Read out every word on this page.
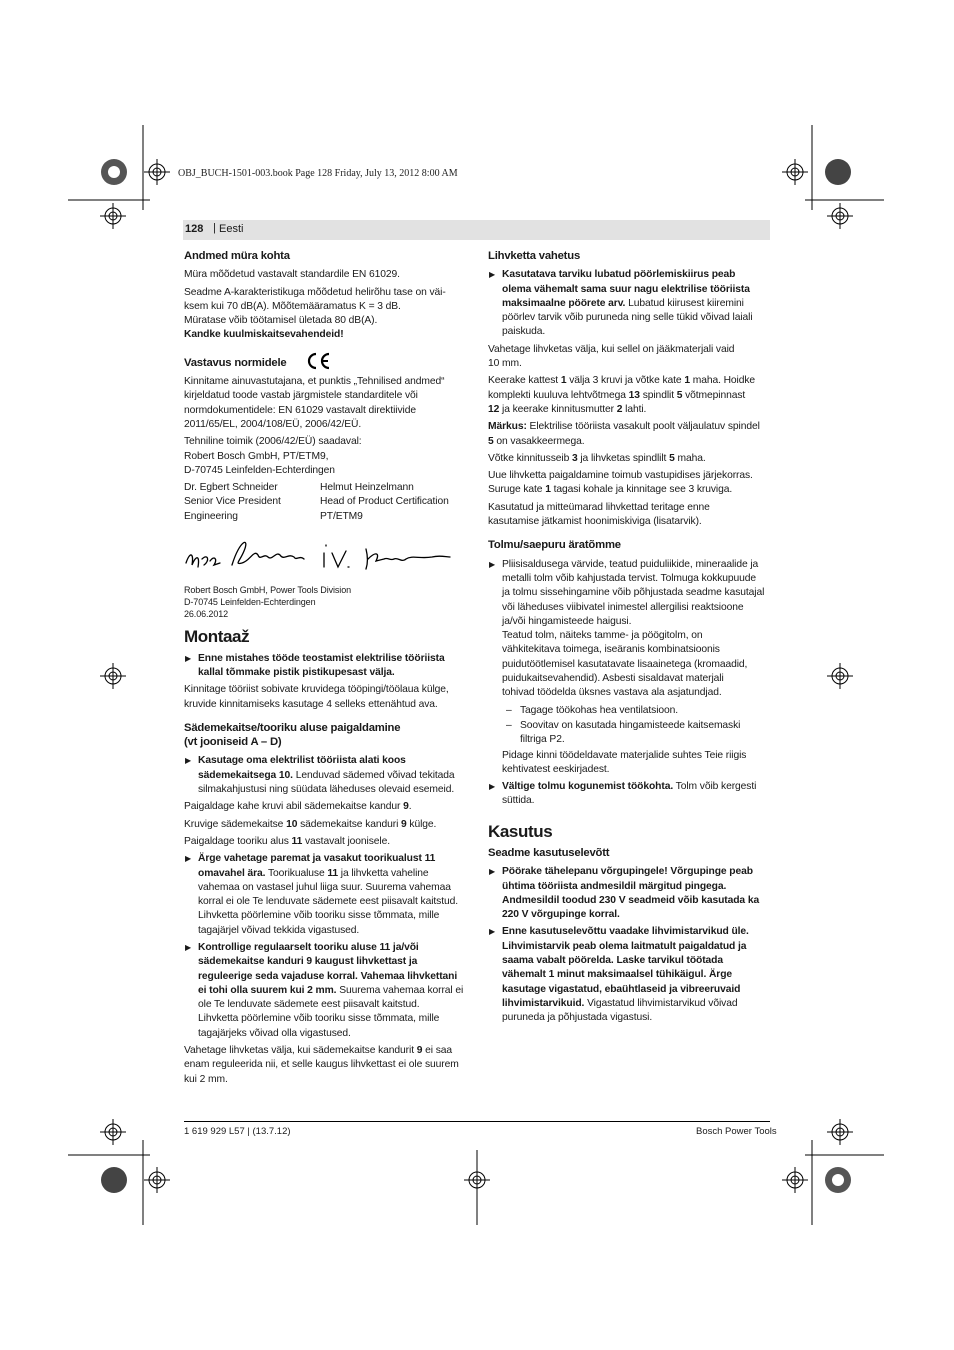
OBJ_BUCH-1501-003.book Page 128 Friday, July 13, 2012 8:00 AM
128 | Eesti
Andmed müra kohta

Müra mõõdetud vastavalt standardile EN 61029.

Seadme A-karakteristikuga mõõdetud helirõhu tase on väi-
ksem kui 70 dB(A). Mõõtemääramatus K = 3 dB.
Müratase võib töötamisel ületada 80 dB(A).
Kandke kuulmiskaitsevahendeid!

Vastavus normidele

Kinnitame ainuvastutajana, et punktis „Tehnilised andmed“
kirjeldatud toode vastab järgmistele standarditele või
normdokumentidele: EN 61029 vastavalt direktiivide
2011/65/EL, 2004/108/EÜ, 2006/42/EÜ.

Tehniline toimik (2006/42/EÜ) saadaval:
Robert Bosch GmbH, PT/ETM9,
D-70745 Leinfelden-Echterdingen

Dr. Egbert Schneider	Helmut Heinzelmann
Senior Vice President	Head of Product Certification
Engineering	PT/ETM9

Robert Bosch GmbH, Power Tools Division
D-70745 Leinfelden-Echterdingen
26.06.2012

Montaaž

▶ Enne mistahes tööde teostamist elektrilise tööriista
kallal tõmmake pistik pistikupesast välja.

Kinnitage tööriist sobivate kruvidega tööpingi/töölaua külge,
kruvide kinnitamiseks kasutage 4 selleks ettenähtud ava.

Sädemekaitse/tooriku aluse paigaldamine
(vt jooniseid A – D)

▶ Kasutage oma elektrilist tööriista alati koos
sädemekaitsega 10. Lenduvad sädemed võivad tekitada
silmakahjustusi ning süüdata läheduses olevaid esemeid.

Paigaldage kahe kruvi abil sädemekaitse kandur 9.

Kruvige sädemekaitse 10 sädemekaitse kanduri 9 külge.

Paigaldage tooriku alus 11 vastavalt joonisele.

▶ Ärge vahetage paremat ja vasakut toorikualust 11
omavahel ära. Toorikualuse 11 ja lihvketta vaheline
vahemaa on vastasel juhul liiga suur. Suurema vahemaa
korral ei ole Te lenduvate sädemete eest piisavalt kaitstud.
Lihvketta pöörlemine võib tooriku sisse tõmmata, mille
tagajärjel võivad tekkida vigastused.

▶ Kontrollige regulaarselt tooriku aluse 11 ja/või
sädemekaitse kanduri 9 kaugust lihvkettast ja
reguleerige seda vajaduse korral. Vahemaa lihvkettani
ei tohi olla suurem kui 2 mm. Suurema vahemaa korral ei
ole Te lenduvate sädemete eest piisavalt kaitstud.
Lihvketta pöörlemine võib tooriku sisse tõmmata, mille
tagajärjeks võivad olla vigastused.

Vahetage lihvketas välja, kui sädemekaitse kandurit 9 ei saa
enam reguleerida nii, et selle kaugus lihvkettast ei ole suurem
kui 2 mm.

Lihvketta vahetus

▶ Kasutatava tarviku lubatud pöörlemiskiirus peab
olema vähemalt sama suur nagu elektrilise tööriista
maksimaalne pöörete arv. Lubatud kiirusest kiiremini
pöörlev tarvik võib puruneda ning selle tükid võivad laiali
paiskuda.

Vahetage lihvketas välja, kui sellel on jääkmaterjali vaid
10 mm.

Keerake kattest 1 välja 3 kruvi ja võtke kate 1 maha. Hoidke
komplekti kuuluva lehtvõtmega 13 spindlit 5 võtmepinnast
12 ja keerake kinnitusmutter 2 lahti.

Märkus: Elektrilise tööriista vasakult poolt väljaulatuv spindel
5 on vasakkeermega.

Võtke kinnitusseib 3 ja lihvketas spindlilt 5 maha.

Uue lihvketta paigaldamine toimub vastupidises järjekorras.
Suruge kate 1 tagasi kohale ja kinnitage see 3 kruviga.

Kasutatud ja mitteümarad lihvkettad teritage enne
kasutamise jätkamist hoonimiskiviga (lisatarvik).

Tolmu/saepuru äratõmme

▶ Pliisisaldusega värvide, teatud puiduliikide, mineraalide ja
metalli tolm võib kahjustada tervist. Tolmuga kokkupuude
ja tolmu sissehingamine võib põhjustada seadme kasutajal
või läheduses viibivatel inimestel allergilisi reaktsioone
ja/või hingamisteede haigusi.
Teatud tolm, näiteks tamme- ja pöögitolm, on
vähkitekitava toimega, iseäranis kombinatsioonis
puidutöötlemisel kasutatavate lisaainetega (kromaadid,
puidukaitsevahendid). Asbesti sisaldavat materjali
tohivad töödelda üksnes vastava ala asjatundjad.

– Tagage töökohas hea ventilatsioon.

– Soovitav on kasutada hingamisteede kaitsemaski
filtriga P2.

Pidage kinni töödeldavate materjalide suhtes Teie riigis
kehtivatest eeskirjadest.

▶ Vältige tolmu kogunemist töökohta. Tolm võib kergesti
süttida.

Kasutus
Seadme kasutuselevõtt

▶ Pöörake tähelepanu võrgupingele! Võrgupinge peab
ühtima tööriista andmesildil märgitud pingega.
Andmesildil toodud 230 V seadmeid võib kasutada ka
220 V võrgupinge korral.

▶ Enne kasutuselevõttu vaadake lihvimistarvikud üle.
Lihvimistarvik peab olema laitmatult paigaldatud ja
saama vabalt pöörelda. Laske tarvikul töötada
vähemalt 1 minut maksimaalsel tühikäigul. Ärge
kasutage vigastatud, ebaühtlaseid ja vibreeruvaid
lihvimistarvikuid. Vigastatud lihvimistarvikud võivad
puruneda ja põhjustada vigastusi.

1 619 929 L57 | (13.7.12)	Bosch Power Tools
